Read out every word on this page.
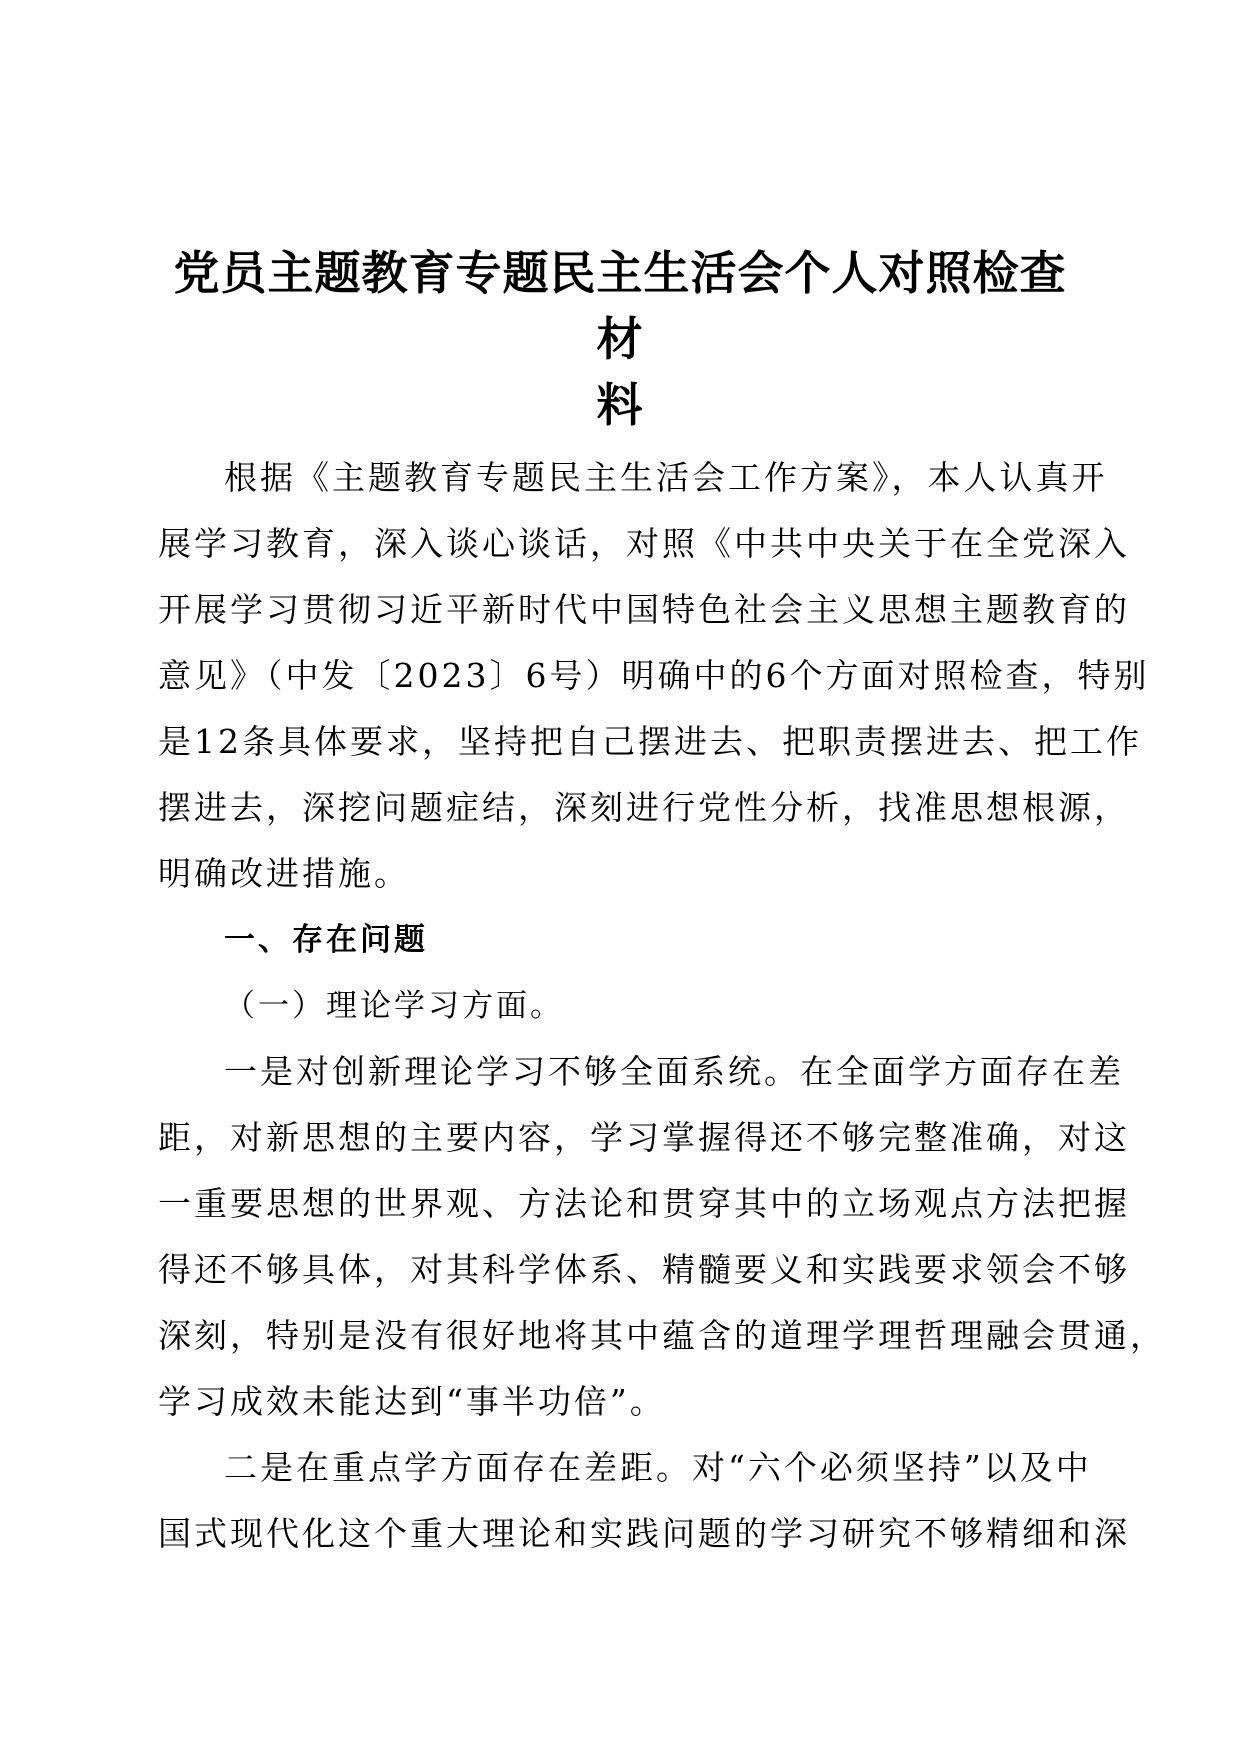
党员主题教育专题民主生活会个人对照检查材
料
根据《主题教育专题民主生活会工作方案》，本人认真开
展学习教育，深入谈心谈话，对照《中共中央关于在全党深入
开展学习贯彻习近平新时代中国特色社会主义思想主题教育的
意见》（中发〔2023〕6号）明确中的6个方面对照检查，特别
是12条具体要求，坚持把自己摆进去、把职责摆进去、把工作
摆进去，深挖问题症结，深刻进行党性分析，找准思想根源，
明确改进措施。
一、存在问题
（一）理论学习方面。
一是对创新理论学习不够全面系统。在全面学方面存在差
距，对新思想的主要内容，学习掌握得还不够完整准确，对这
一重要思想的世界观、方法论和贯穿其中的立场观点方法把握
得还不够具体，对其科学体系、精髓要义和实践要求领会不够
深刻，特别是没有很好地将其中蕴含的道理学理哲理融会贯通，
学习成效未能达到“事半功倍”。
二是在重点学方面存在差距。对“六个必须坚持”以及中
国式现代化这个重大理论和实践问题的学习研究不够精细和深
